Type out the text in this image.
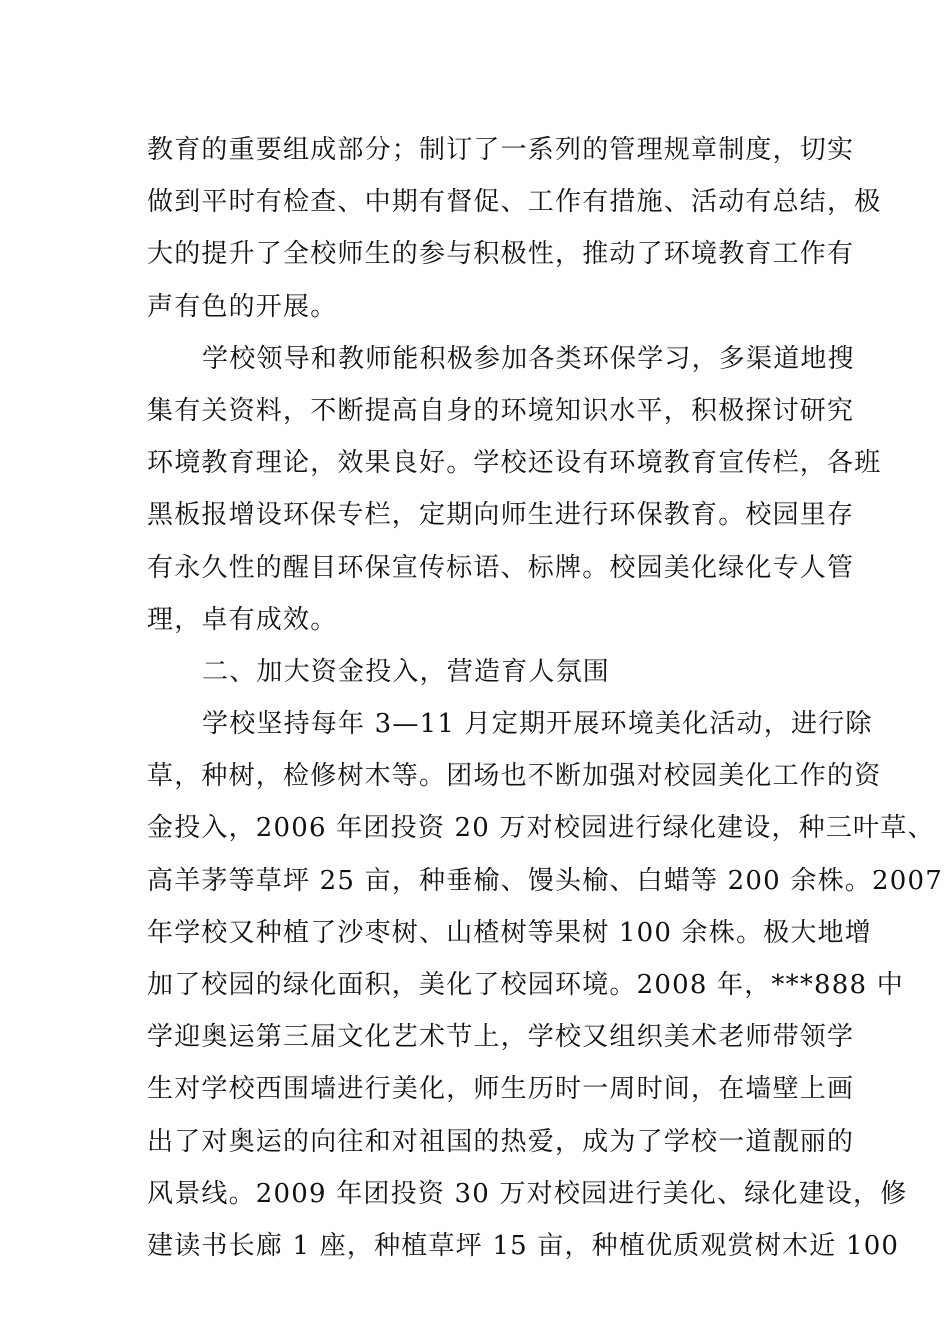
教育的重要组成部分；制订了一系列的管理规章制度，切实
做到平时有检查、中期有督促、工作有措施、活动有总结，极
大的提升了全校师生的参与积极性，推动了环境教育工作有
声有色的开展。
学校领导和教师能积极参加各类环保学习，多渠道地搜
集有关资料，不断提高自身的环境知识水平，积极探讨研究
环境教育理论，效果良好。学校还设有环境教育宣传栏，各班
黑板报增设环保专栏，定期向师生进行环保教育。校园里存
有永久性的醒目环保宣传标语、标牌。校园美化绿化专人管
理，卓有成效。
二、加大资金投入，营造育人氛围
学校坚持每年 3—11 月定期开展环境美化活动，进行除
草，种树，检修树木等。团场也不断加强对校园美化工作的资
金投入，2006 年团投资 20 万对校园进行绿化建设，种三叶草、
高羊茅等草坪 25 亩，种垂榆、馒头榆、白蜡等 200 余株。2007
年学校又种植了沙枣树、山楂树等果树 100 余株。极大地增
加了校园的绿化面积，美化了校园环境。2008 年，***888 中
学迎奥运第三届文化艺术节上，学校又组织美术老师带领学
生对学校西围墙进行美化，师生历时一周时间，在墙壁上画
出了对奥运的向往和对祖国的热爱，成为了学校一道靓丽的
风景线。2009 年团投资 30 万对校园进行美化、绿化建设，修
建读书长廊 1 座，种植草坪 15 亩，种植优质观赏树木近 100
